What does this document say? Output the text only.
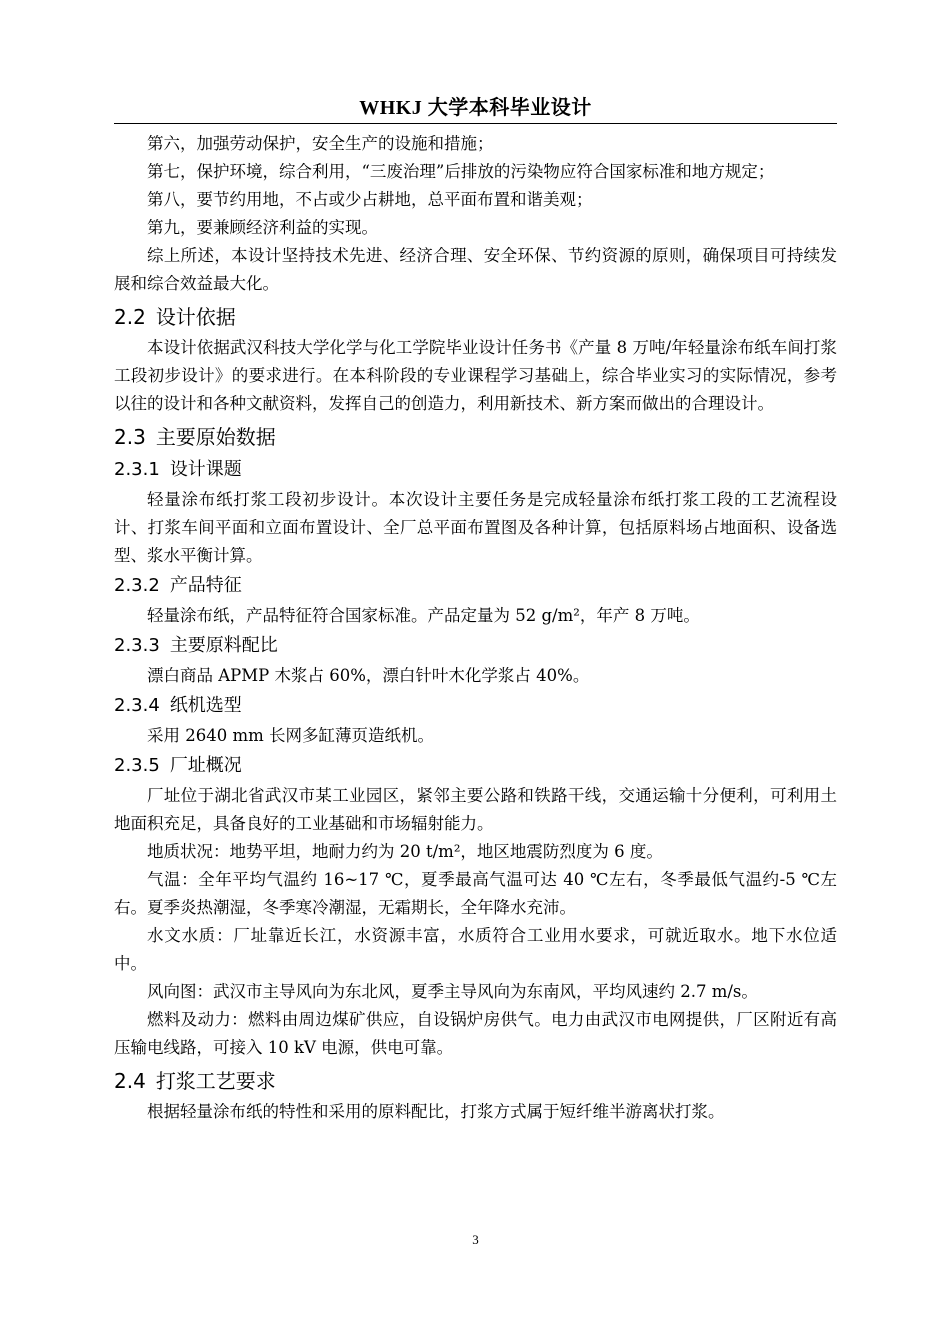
WHKJ 大学本科毕业设计

第六，加强劳动保护，安全生产的设施和措施；

第七，保护环境，综合利用，“三废治理”后排放的污染物应符合国家标准和地方规定；

第八，要节约用地，不占或少占耕地，总平面布置和谐美观；

第九，要兼顾经济利益的实现。

综上所述，本设计坚持技术先进、经济合理、安全环保、节约资源的原则，确保项目可持续发展和综合效益最大化。

2.2 设计依据

本设计依据武汉科技大学化学与化工学院毕业设计任务书《产量 8 万吨/年轻量涂布纸车间打浆工段初步设计》的要求进行。在本科阶段的专业课程学习基础上，综合毕业实习的实际情况，参考以往的设计和各种文献资料，发挥自己的创造力，利用新技术、新方案而做出的合理设计。

2.3 主要原始数据
2.3.1 设计课题

轻量涂布纸打浆工段初步设计。本次设计主要任务是完成轻量涂布纸打浆工段的工艺流程设计、打浆车间平面和立面布置设计、全厂总平面布置图及各种计算，包括原料场占地面积、设备选型、浆水平衡计算。

2.3.2 产品特征

轻量涂布纸，产品特征符合国家标准。产品定量为 52 g/m²，年产 8 万吨。

2.3.3 主要原料配比

漂白商品 APMP 木浆占 60%，漂白针叶木化学浆占 40%。

2.3.4 纸机选型

采用 2640 mm 长网多缸薄页造纸机。

2.3.5 厂址概况

厂址位于湖北省武汉市某工业园区，紧邻主要公路和铁路干线，交通运输十分便利，可利用土地面积充足，具备良好的工业基础和市场辐射能力。

地质状况：地势平坦，地耐力约为 20 t/m²，地区地震防烈度为 6 度。

气温：全年平均气温约 16~17 ℃，夏季最高气温可达 40 ℃左右，冬季最低气温约-5 ℃左右。夏季炎热潮湿，冬季寒冷潮湿，无霜期长，全年降水充沛。

水文水质：厂址靠近长江，水资源丰富，水质符合工业用水要求，可就近取水。地下水位适中。

风向图：武汉市主导风向为东北风，夏季主导风向为东南风，平均风速约 2.7 m/s。

燃料及动力：燃料由周边煤矿供应，自设锅炉房供气。电力由武汉市电网提供，厂区附近有高压输电线路，可接入 10 kV 电源，供电可靠。

2.4 打浆工艺要求

根据轻量涂布纸的特性和采用的原料配比，打浆方式属于短纤维半游离状打浆。

3
